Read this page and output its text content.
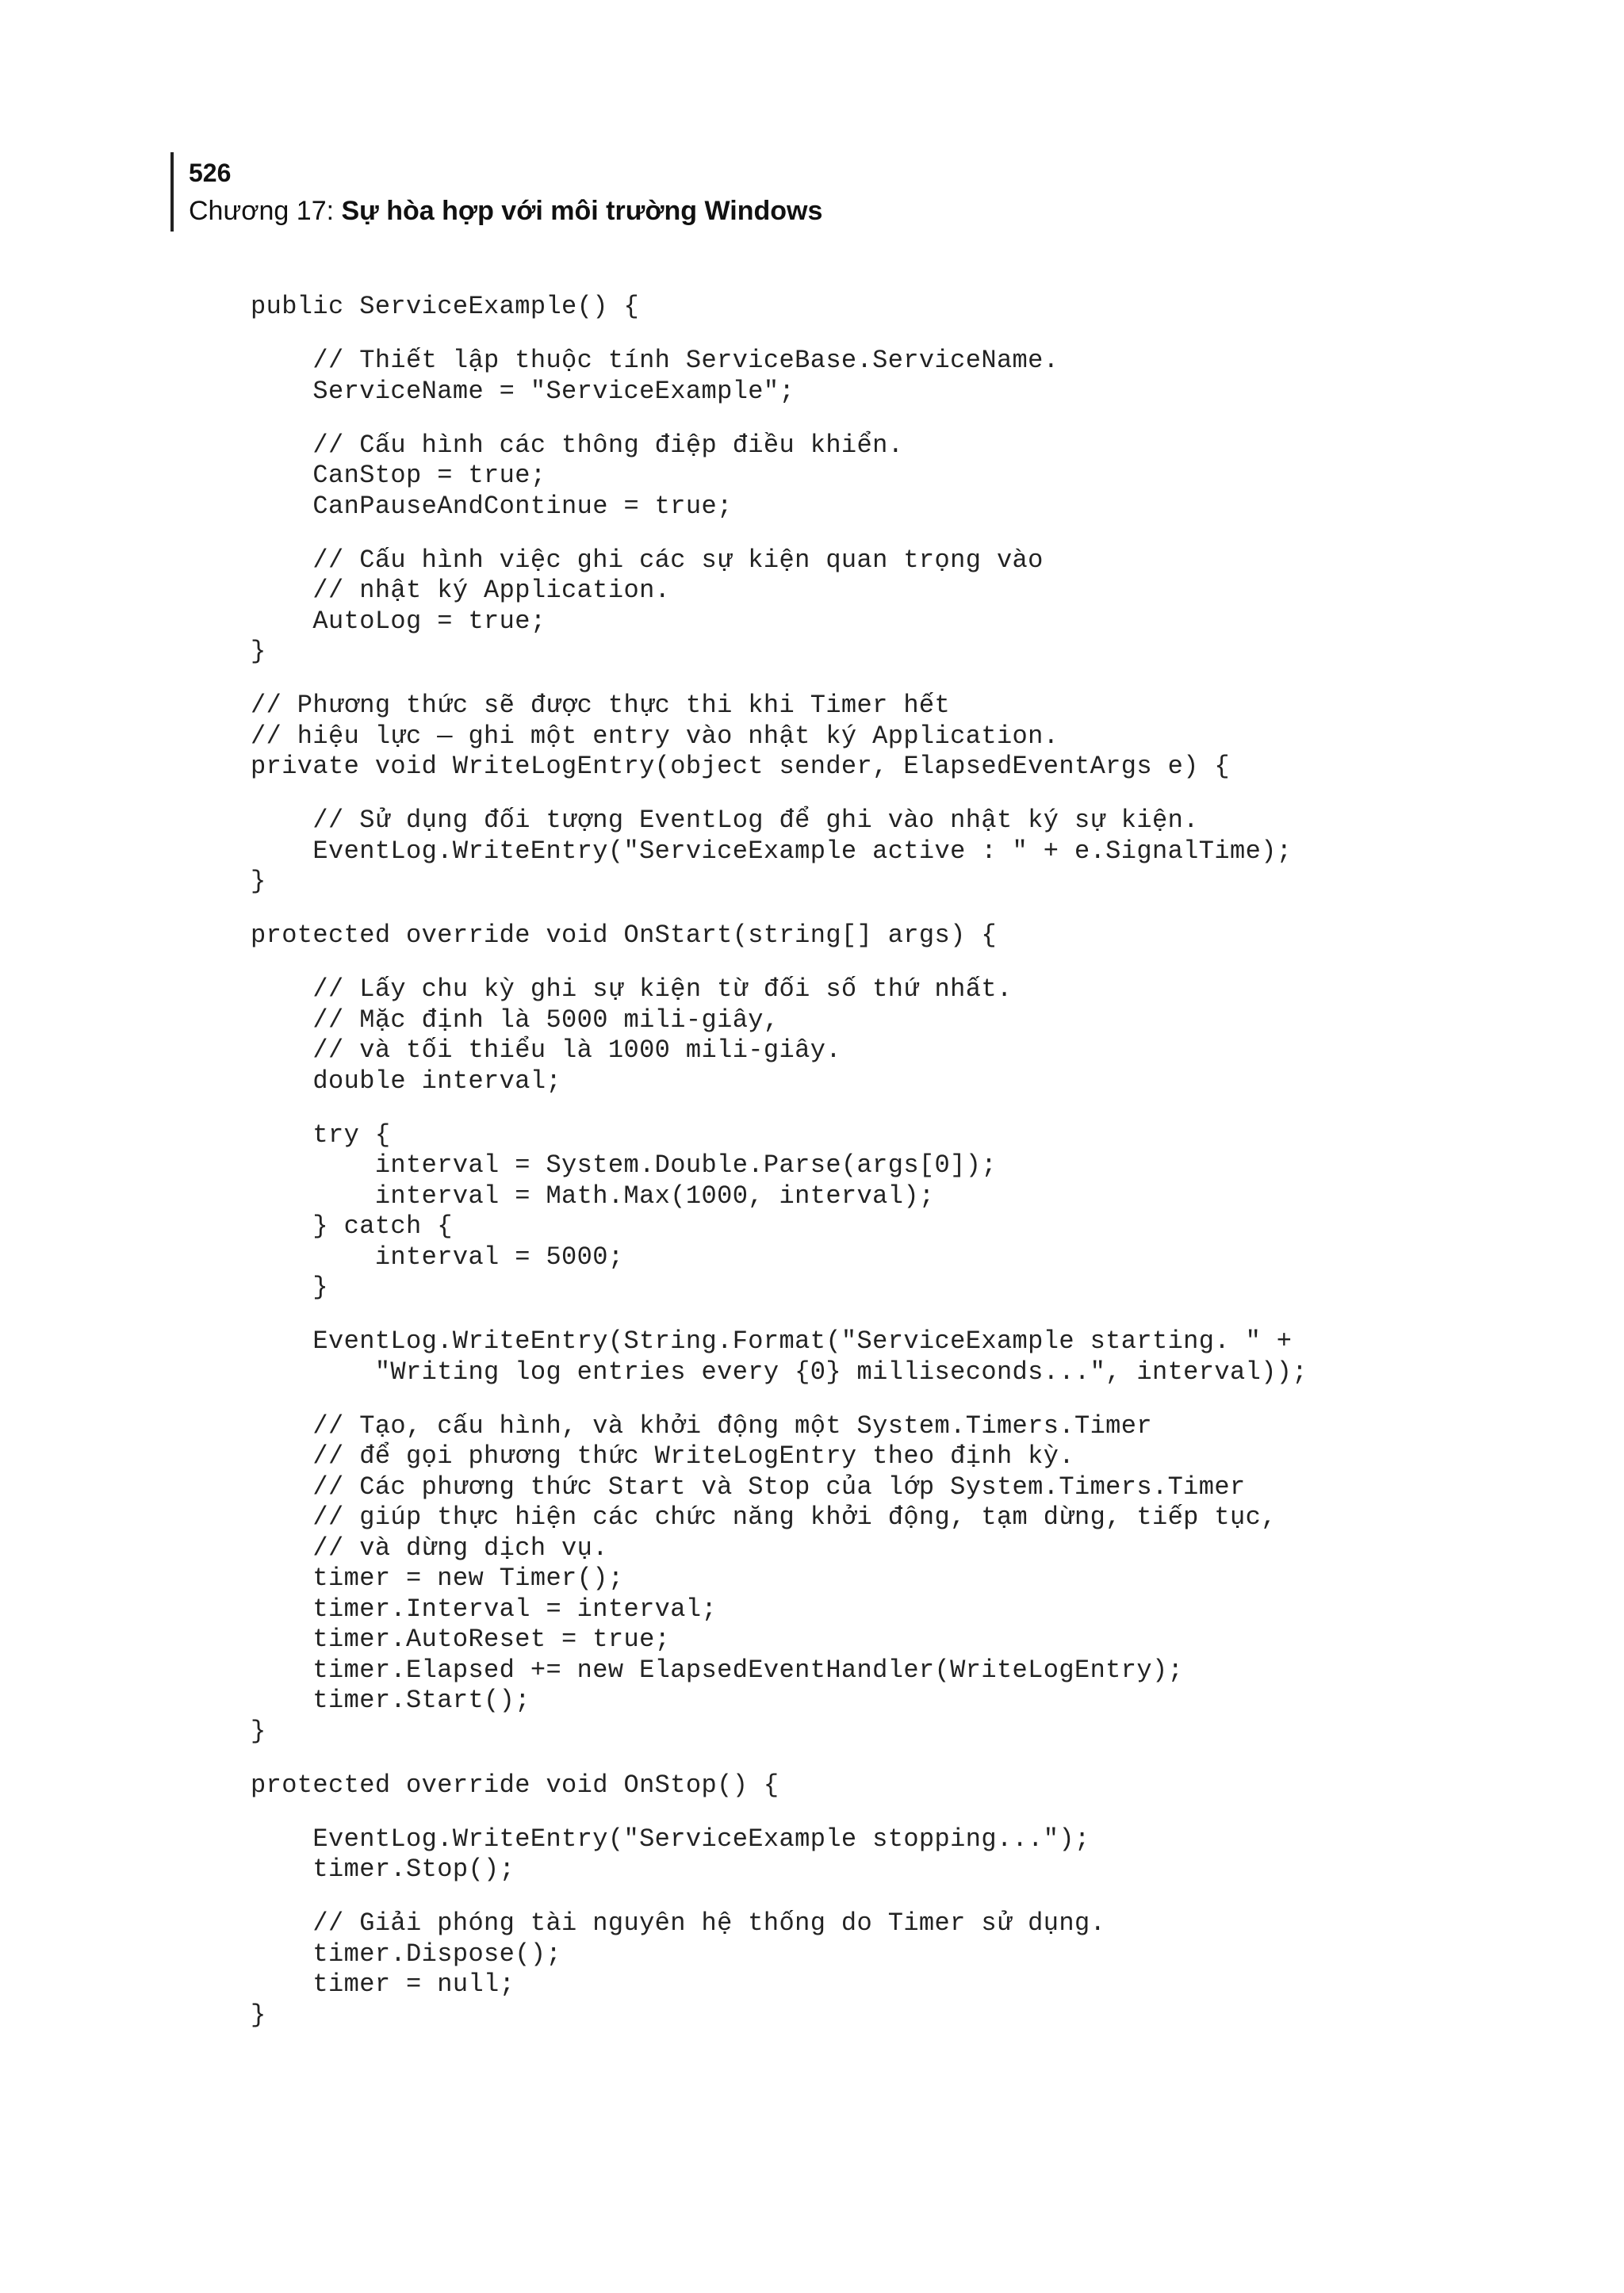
526

Chương 17: Sự hòa hợp với môi trường Windows

public ServiceExample() {
// Thiết lập thuộc tính ServiceBase.ServiceName.
ServiceName = "ServiceExample";
// Cấu hình các thông điệp điều khiển.
CanStop = true;
CanPauseAndContinue = true;
// Cấu hình việc ghi các sự kiện quan trọng vào
// nhật ký Application.
AutoLog = true;
}
// Phương thức sẽ được thực thi khi Timer hết
// hiệu lực — ghi một entry vào nhật ký Application.
private void WriteLogEntry(object sender, ElapsedEventArgs e) {
// Sử dụng đối tượng EventLog để ghi vào nhật ký sự kiện.
EventLog.WriteEntry("ServiceExample active : " + e.SignalTime);
}
protected override void OnStart(string[] args) {
// Lấy chu kỳ ghi sự kiện từ đối số thứ nhất.
// Mặc định là 5000 mili-giây,
// và tối thiểu là 1000 mili-giây.
double interval;
try {
interval = System.Double.Parse(args[0]);
interval = Math.Max(1000, interval);
} catch {
interval = 5000;
}
EventLog.WriteEntry(String.Format("ServiceExample starting. " +
"Writing log entries every {0} milliseconds...", interval));
// Tạo, cấu hình, và khởi động một System.Timers.Timer
// để gọi phương thức WriteLogEntry theo định kỳ.
// Các phương thức Start và Stop của lớp System.Timers.Timer
// giúp thực hiện các chức năng khởi động, tạm dừng, tiếp tục,
// và dừng dịch vụ.
timer = new Timer();
timer.Interval = interval;
timer.AutoReset = true;
timer.Elapsed += new ElapsedEventHandler(WriteLogEntry);
timer.Start();
}
protected override void OnStop() {
EventLog.WriteEntry("ServiceExample stopping...");
timer.Stop();
// Giải phóng tài nguyên hệ thống do Timer sử dụng.
timer.Dispose();
timer = null;
}
